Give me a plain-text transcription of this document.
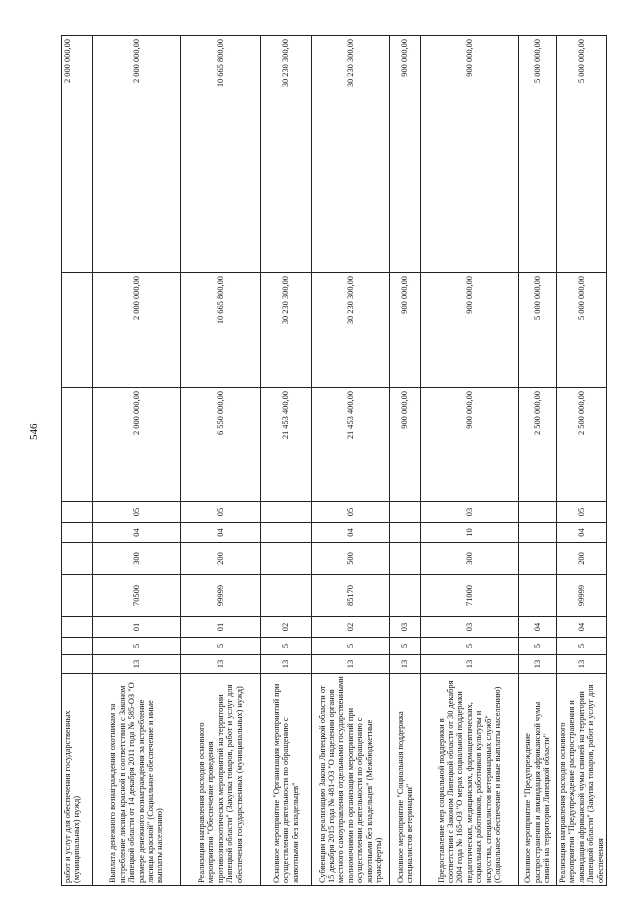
546
работ и услуг для обеспечения государственных (муниципальных) нужд)										2 000 000,00
Выплата денежного вознаграждения охотникам за истребление лисицы красной в соответствии с Законом Липецкой области от 14 декабря 2011 года № 585-ОЗ "О размере денежного вознаграждения за истребление лисицы красной" (Социальное обеспечение и иные выплаты населению)	13	5	01	70500	300	04	05	2 000 000,00	2 000 000,00	2 000 000,00
Реализация направления расходов основного мероприятия "Обеспечение проведения противоэпизоотических мероприятий на территории Липецкой области" (Закупка товаров, работ и услуг для обеспечения государственных (муниципальных) нужд)	13	5	01	99999	200	04	05	6 550 000,00	10 665 800,00	10 665 800,00
Основное мероприятие "Организация мероприятий при осуществлении деятельности по обращению с животными без владельцев"	13	5	02					21 453 400,00	30 230 300,00	30 230 300,00
Субвенции на реализацию Закона Липецкой области от 15 декабря 2015 года № 481-ОЗ "О наделении органов местного самоуправления отдельными государственными полномочиями по организации мероприятий при осуществлении деятельности по обращению с животными без владельцев" (Межбюджетные трансферты)	13	5	02	85170	500	04	05	21 453 400,00	30 230 300,00	30 230 300,00
Основное мероприятие "Социальная поддержка специалистов ветеринарии"	13	5	03					900 000,00	900 000,00	900 000,00
Предоставление мер социальной поддержки в соответствии с Законом Липецкой области от 30 декабря 2004 года № 165-ОЗ "О мерах социальной поддержки педагогических, медицинских, фармацевтических, социальных работников, работников культуры и искусства, специалистов ветеринарных служб" (Социальное обеспечение и иные выплаты населению)	13	5	03	71000	300	10	03	900 000,00	900 000,00	900 000,00
Основное мероприятие "Предупреждение распространения и ликвидация африканской чумы свиней на территории Липецкой области"	13	5	04					2 500 000,00	5 000 000,00	5 000 000,00
Реализация направления расходов основного мероприятия "Предупреждение распространения и ликвидация африканской чумы свиней на территории Липецкой области" (Закупка товаров, работ и услуг для обеспечения	13	5	04	99999	200	04	05	2 500 000,00	5 000 000,00	5 000 000,00
